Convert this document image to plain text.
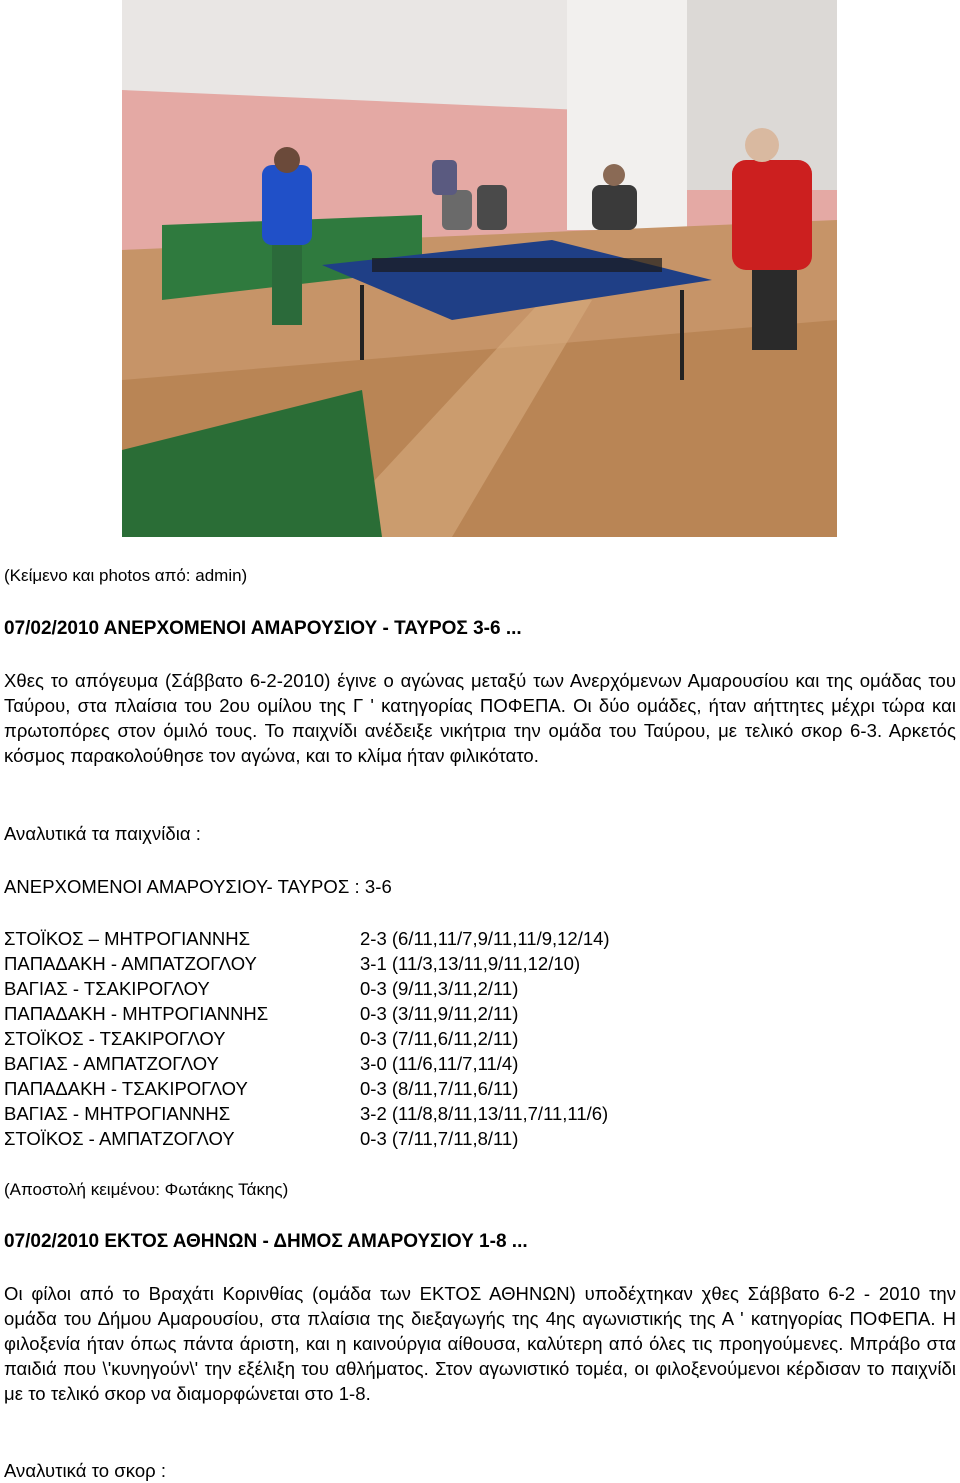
(Κείμενο και photos από: admin)
07/02/2010 ΑΝΕΡΧΟΜΕΝΟΙ ΑΜΑΡΟΥΣΙΟΥ - ΤΑΥΡΟΣ 3-6 ...
Χθες το απόγευμα (Σάββατο 6-2-2010) έγινε ο αγώνας μεταξύ των Ανερχόμενων Αμαρουσίου και της ομάδας του Ταύρου, στα πλαίσια του 2ου ομίλου της Γ ' κατηγορίας ΠΟΦΕΠΑ. Οι δύο ομάδες, ήταν αήττητες μέχρι τώρα και πρωτοπόρες στον όμιλό τους. Το παιχνίδι ανέδειξε νικήτρια την ομάδα του Ταύρου, με τελικό σκορ 6-3. Αρκετός κόσμος παρακολούθησε τον αγώνα, και το κλίμα ήταν φιλικότατο.
Αναλυτικά τα παιχνίδια :
ΑΝΕΡΧΟΜΕΝΟΙ ΑΜΑΡΟΥΣΙΟΥ- ΤΑΥΡΟΣ : 3-6
ΣΤΟΪΚΟΣ – ΜΗΤΡΟΓΙΑΝΝΗΣ	2-3 (6/11,11/7,9/11,11/9,12/14)
ΠΑΠΑΔΑΚΗ - ΑΜΠΑΤΖΟΓΛΟΥ	3-1 (11/3,13/11,9/11,12/10)
ΒΑΓΙΑΣ - ΤΣΑΚΙΡΟΓΛΟΥ	0-3 (9/11,3/11,2/11)
ΠΑΠΑΔΑΚΗ - ΜΗΤΡΟΓΙΑΝΝΗΣ	0-3 (3/11,9/11,2/11)
ΣΤΟΪΚΟΣ - ΤΣΑΚΙΡΟΓΛΟΥ	0-3 (7/11,6/11,2/11)
ΒΑΓΙΑΣ - ΑΜΠΑΤΖΟΓΛΟΥ	3-0 (11/6,11/7,11/4)
ΠΑΠΑΔΑΚΗ - ΤΣΑΚΙΡΟΓΛΟΥ	0-3 (8/11,7/11,6/11)
ΒΑΓΙΑΣ - ΜΗΤΡΟΓΙΑΝΝΗΣ	3-2 (11/8,8/11,13/11,7/11,11/6)
ΣΤΟΪΚΟΣ - ΑΜΠΑΤΖΟΓΛΟΥ	0-3 (7/11,7/11,8/11)
(Αποστολή κειμένου: Φωτάκης Τάκης)
07/02/2010 ΕΚΤΟΣ ΑΘΗΝΩΝ - ΔΗΜΟΣ ΑΜΑΡΟΥΣΙΟΥ 1-8 ...
Οι φίλοι από το Βραχάτι Κορινθίας (ομάδα των ΕΚΤΟΣ ΑΘΗΝΩΝ) υποδέχτηκαν χθες Σάββατο 6-2 - 2010 την ομάδα του Δήμου Αμαρουσίου, στα πλαίσια της διεξαγωγής της 4ης αγωνιστικής της Α ' κατηγορίας ΠΟΦΕΠΑ. Η φιλοξενία ήταν όπως πάντα άριστη, και η καινούργια αίθουσα, καλύτερη από όλες τις προηγούμενες. Μπράβο στα παιδιά που \'κυνηγούν\' την εξέλιξη του αθλήματος. Στον αγωνιστικό τομέα, οι φιλοξενούμενοι κέρδισαν το παιχνίδι με το τελικό σκορ να διαμορφώνεται στο 1-8.
Αναλυτικά το σκορ :
